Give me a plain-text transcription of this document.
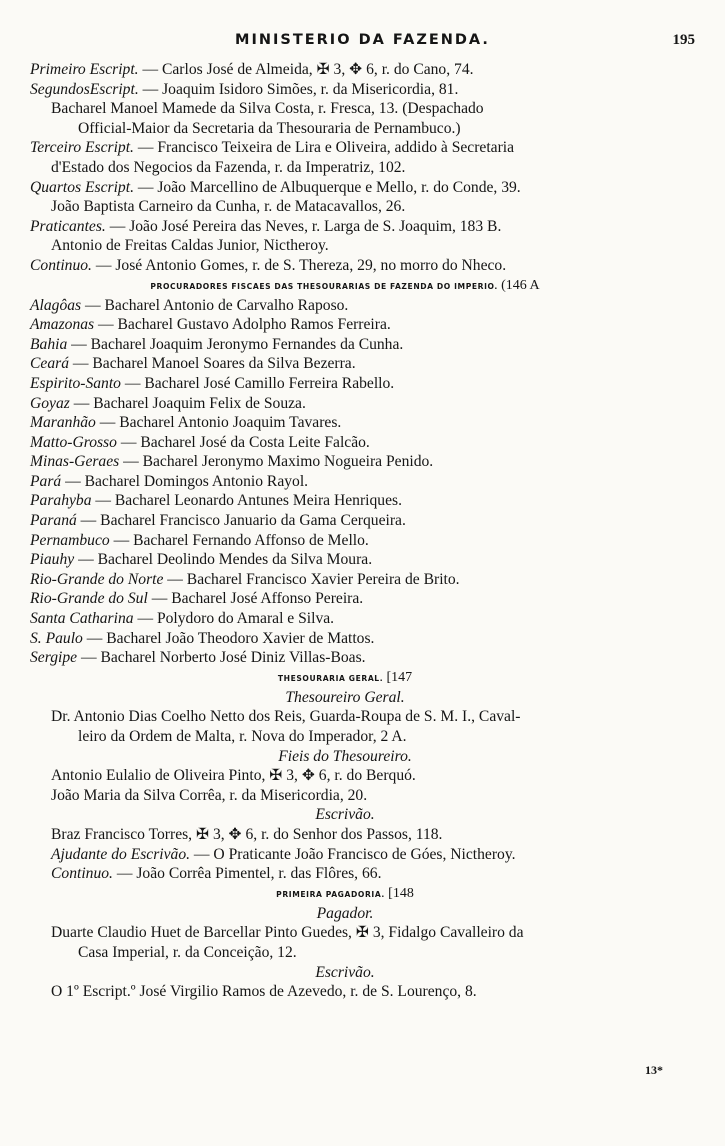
MINISTERIO DA FAZENDA.	195
Primeiro Escript. — Carlos José de Almeida, ✠ 3, ✥ 6, r. do Cano, 74.
SegundosEscript. — Joaquim Isidoro Simões, r. da Misericordia, 81.
Bacharel Manoel Mamede da Silva Costa, r. Fresca, 13. (Despachado
Official-Maior da Secretaria da Thesouraria de Pernambuco.)
Terceiro Escript. — Francisco Teixeira de Lira e Oliveira, addido à Secretaria
d'Estado dos Negocios da Fazenda, r. da Imperatriz, 102.
Quartos Escript. — João Marcellino de Albuquerque e Mello, r. do Conde, 39.
João Baptista Carneiro da Cunha, r. de Matacavallos, 26.
Praticantes. — João José Pereira das Neves, r. Larga de S. Joaquim, 183 B.
Antonio de Freitas Caldas Junior, Nictheroy.
Continuo. — José Antonio Gomes, r. de S. Thereza, 29, no morro do Nheco.
PROCURADORES FISCAES DAS THESOURARIAS DE FAZENDA DO IMPERIO. (146 A
Alagôas — Bacharel Antonio de Carvalho Raposo.
Amazonas — Bacharel Gustavo Adolpho Ramos Ferreira.
Bahia — Bacharel Joaquim Jeronymo Fernandes da Cunha.
Ceará — Bacharel Manoel Soares da Silva Bezerra.
Espirito-Santo — Bacharel José Camillo Ferreira Rabello.
Goyaz — Bacharel Joaquim Felix de Souza.
Maranhão — Bacharel Antonio Joaquim Tavares.
Matto-Grosso — Bacharel José da Costa Leite Falcão.
Minas-Geraes — Bacharel Jeronymo Maximo Nogueira Penido.
Pará — Bacharel Domingos Antonio Rayol.
Parahyba — Bacharel Leonardo Antunes Meira Henriques.
Paraná — Bacharel Francisco Januario da Gama Cerqueira.
Pernambuco — Bacharel Fernando Affonso de Mello.
Piauhy — Bacharel Deolindo Mendes da Silva Moura.
Rio-Grande do Norte — Bacharel Francisco Xavier Pereira de Brito.
Rio-Grande do Sul — Bacharel José Affonso Pereira.
Santa Catharina — Polydoro do Amaral e Silva.
S. Paulo — Bacharel João Theodoro Xavier de Mattos.
Sergipe — Bacharel Norberto José Diniz Villas-Boas.
THESOURARIA GERAL. [147
Thesoureiro Geral.
Dr. Antonio Dias Coelho Netto dos Reis, Guarda-Roupa de S. M. I., Caval-
leiro da Ordem de Malta, r. Nova do Imperador, 2 A.
Fieis do Thesoureiro.
Antonio Eulalio de Oliveira Pinto, ✠ 3, ✥ 6, r. do Berquó.
João Maria da Silva Corrêa, r. da Misericordia, 20.
Escrivão.
Braz Francisco Torres, ✠ 3, ✥ 6, r. do Senhor dos Passos, 118.
Ajudante do Escrivão. — O Praticante João Francisco de Góes, Nictheroy.
Continuo. — João Corrêa Pimentel, r. das Flôres, 66.
PRIMEIRA PAGADORIA. [148
Pagador.
Duarte Claudio Huet de Barcellar Pinto Guedes, ✠ 3, Fidalgo Cavalleiro da
Casa Imperial, r. da Conceição, 12.
Escrivão.
O 1º Escript.º José Virgilio Ramos de Azevedo, r. de S. Lourenço, 8.
13*
